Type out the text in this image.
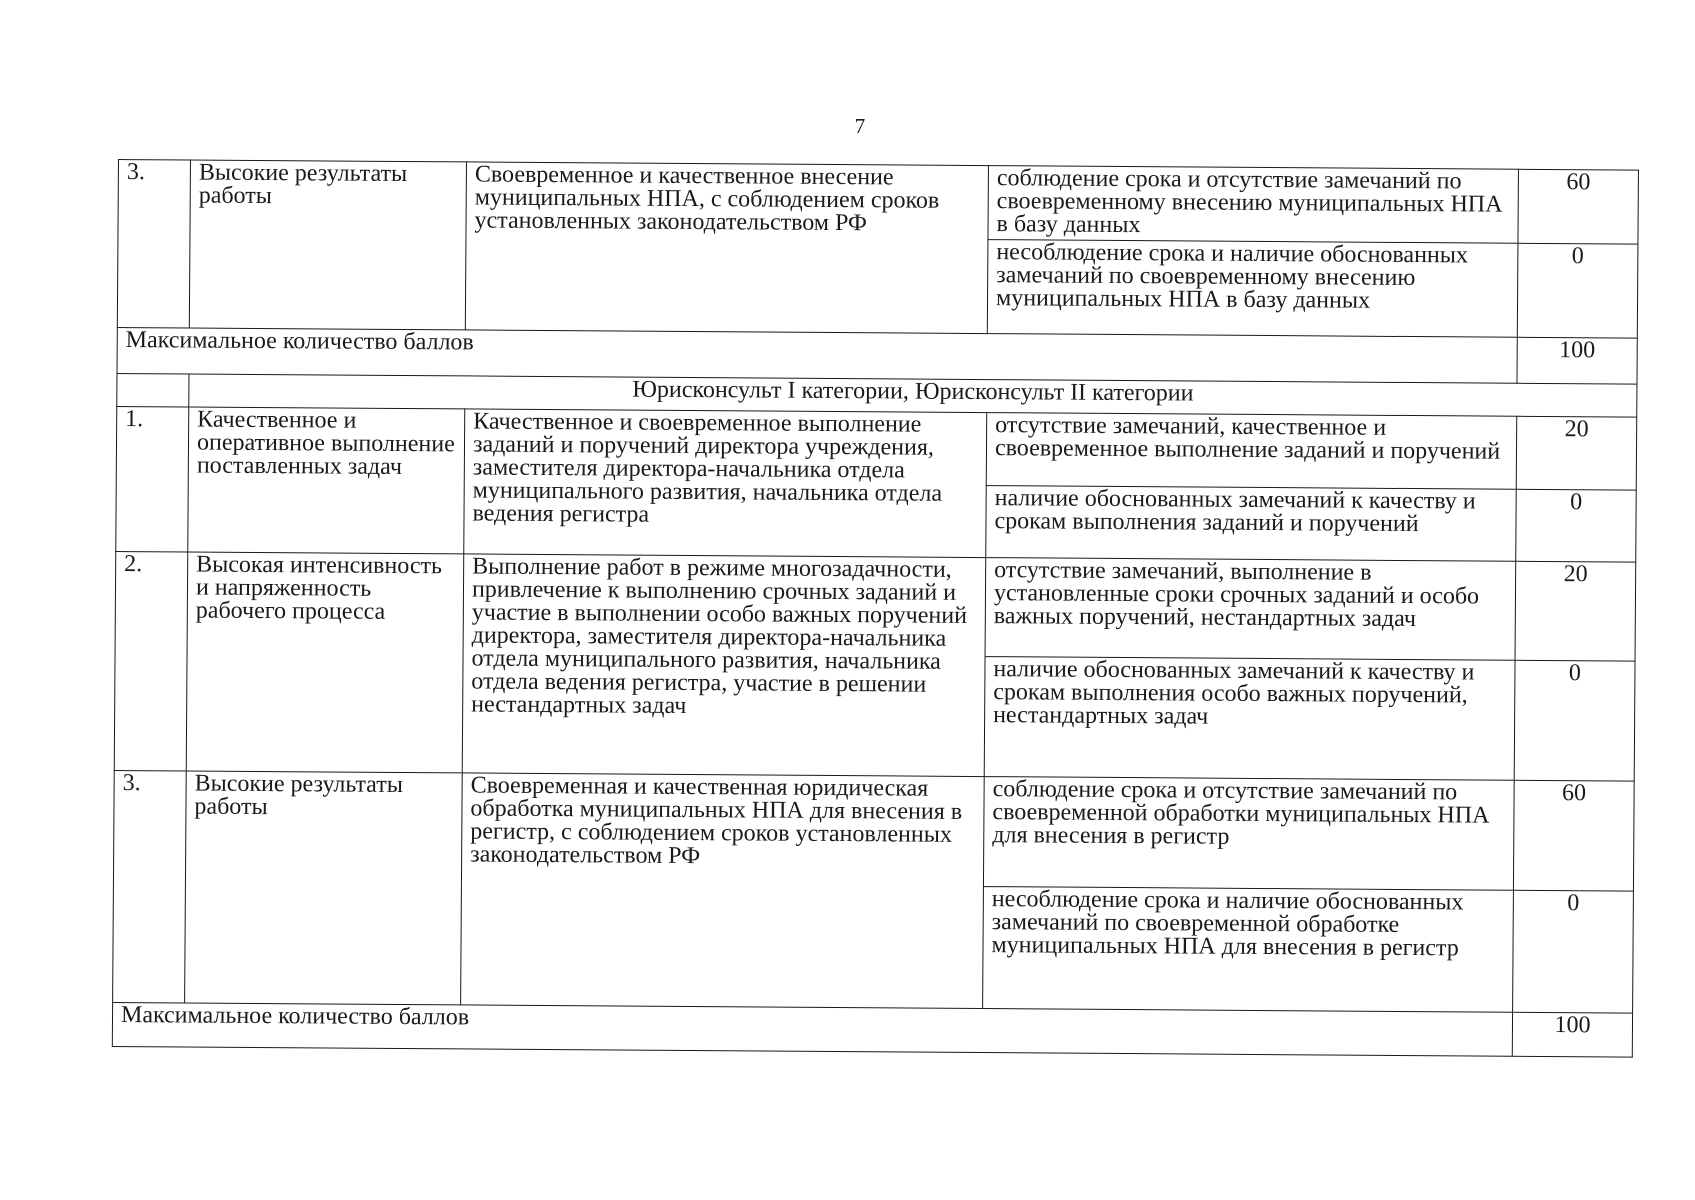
7
3.	Высокие результаты работы	Своевременное и качественное внесение муниципальных НПА, с соблюдением сроков установленных законодательством РФ	соблюдение срока и отсутствие замечаний по своевременному внесению муниципальных НПА в базу данных	60
			несоблюдение срока и наличие обоснованных замечаний по своевременному внесению муниципальных НПА в базу данных	0
Максимальное количество баллов				100
	Юрисконсульт I категории, Юрисконсульт II категории			
1.	Качественное и оперативное выполнение поставленных задач	Качественное и своевременное выполнение заданий и поручений директора учреждения, заместителя директора-начальника отдела муниципального развития, начальника отдела ведения регистра	отсутствие замечаний, качественное и своевременное выполнение заданий и поручений	20
			наличие обоснованных замечаний к качеству и срокам выполнения заданий и поручений	0
2.	Высокая интенсивность и напряженность рабочего процесса	Выполнение работ в режиме многозадачности, привлечение к выполнению срочных заданий и участие в выполнении особо важных поручений директора, заместителя директора-начальника отдела муниципального развития, начальника отдела ведения регистра, участие в решении нестандартных задач	отсутствие замечаний, выполнение в установленные сроки срочных заданий и особо важных поручений, нестандартных задач	20
			наличие обоснованных замечаний к качеству и срокам выполнения особо важных поручений, нестандартных задач	0
3.	Высокие результаты работы	Своевременная и качественная юридическая обработка муниципальных НПА для внесения в регистр, с соблюдением сроков установленных законодательством РФ	соблюдение срока и отсутствие замечаний по своевременной обработки муниципальных НПА для внесения в регистр	60
			несоблюдение срока и наличие обоснованных замечаний по своевременной обработке муниципальных НПА для внесения в регистр	0
Максимальное количество баллов				100
